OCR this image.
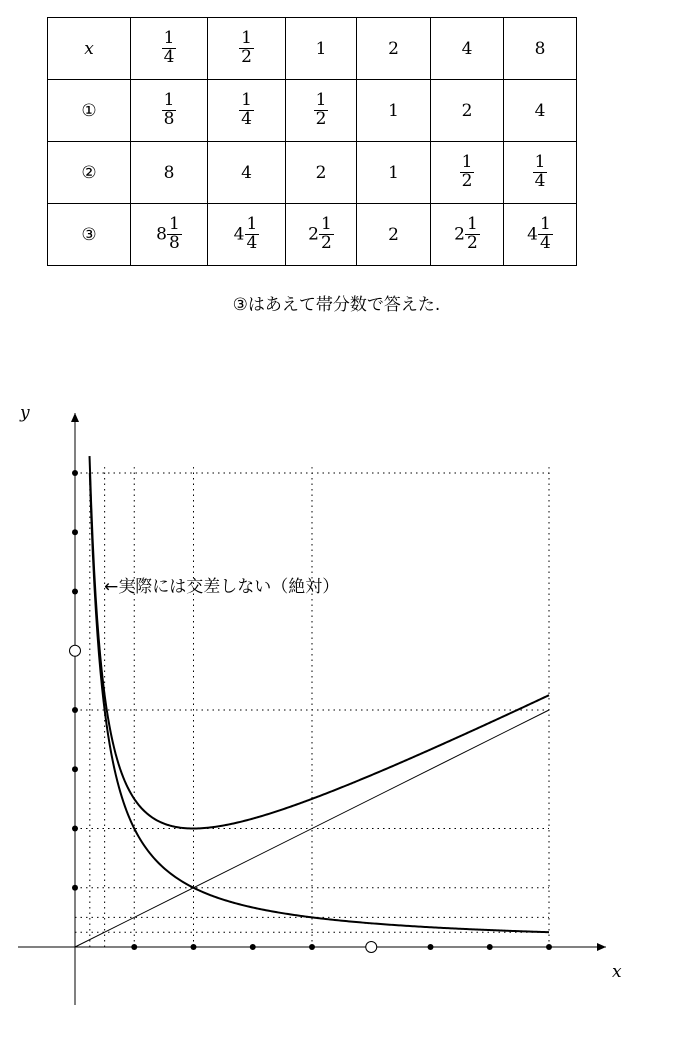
x	$\frac{1}{4}$	$\frac{1}{2}$	1	2	4	8
①	$\frac{1}{8}$	$\frac{1}{4}$	$\frac{1}{2}$	1	2	4
②	8	4	2	1	$\frac{1}{2}$	$\frac{1}{4}$

③	$8 \frac{1}{8}$	$4 \frac{1}{4}$	$2 \frac{1}{2}$	2	$2 \frac{1}{2}$	$4 \frac{1}{4}$
③はあえて帯分数で答えた.
y
x
←実際には交差しない（絶対）
